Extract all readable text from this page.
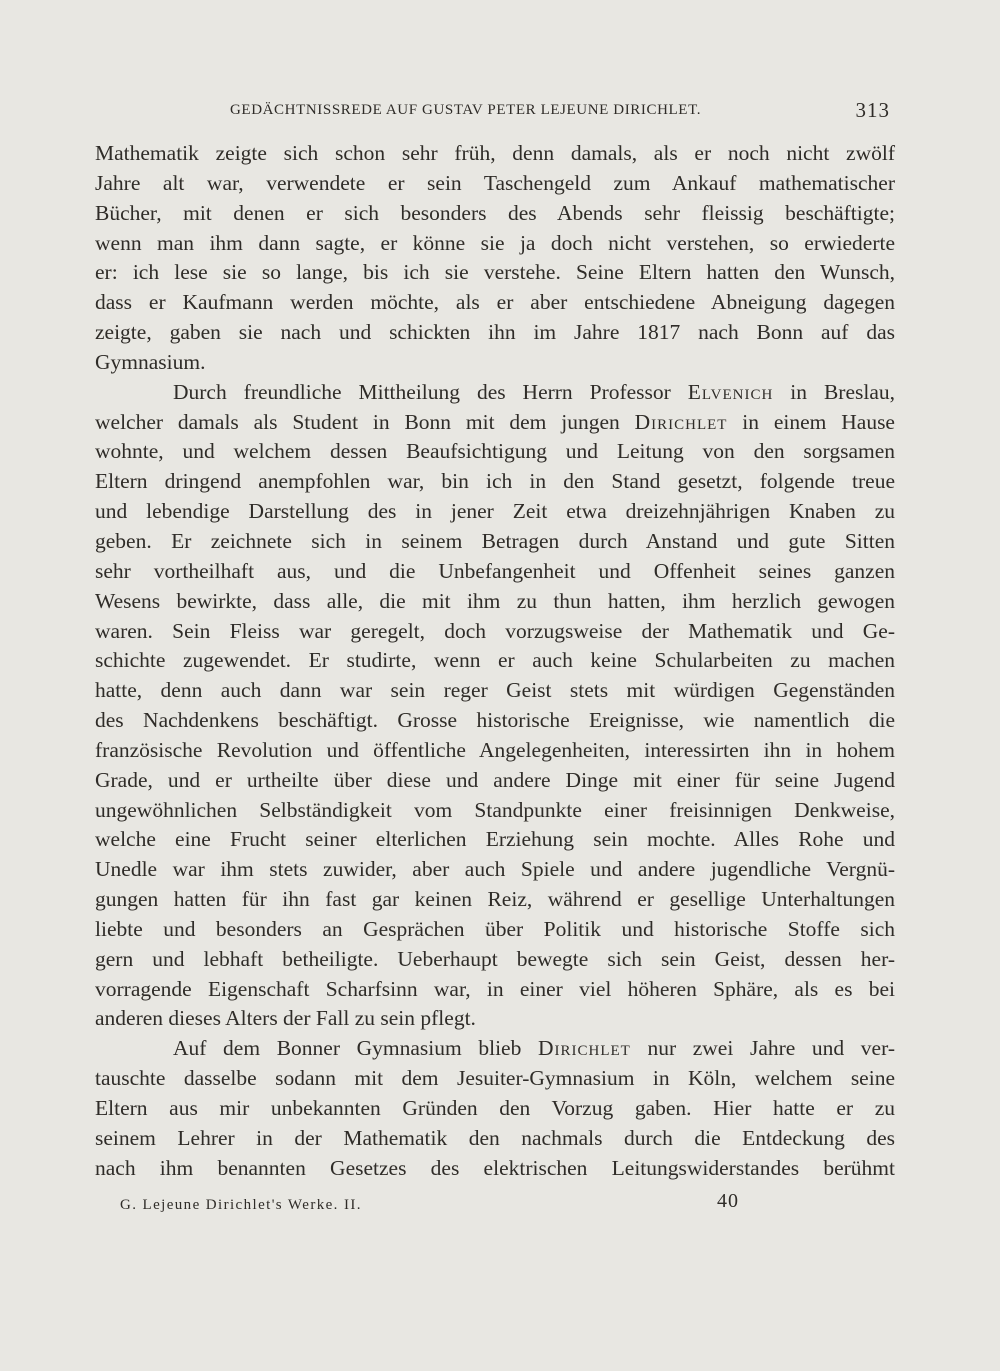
GEDÄCHTNISSREDE AUF GUSTAV PETER LEJEUNE DIRICHLET.	313
Mathematik zeigte sich schon sehr früh, denn damals, als er noch nicht zwölf
Jahre alt war, verwendete er sein Taschengeld zum Ankauf mathematischer
Bücher, mit denen er sich besonders des Abends sehr fleissig beschäftigte;
wenn man ihm dann sagte, er könne sie ja doch nicht verstehen, so erwiederte
er: ich lese sie so lange, bis ich sie verstehe. Seine Eltern hatten den Wunsch,
dass er Kaufmann werden möchte, als er aber entschiedene Abneigung dagegen
zeigte, gaben sie nach und schickten ihn im Jahre 1817 nach Bonn auf das
Gymnasium.
Durch freundliche Mittheilung des Herrn Professor Elvenich in Breslau,
welcher damals als Student in Bonn mit dem jungen Dirichlet in einem Hause
wohnte, und welchem dessen Beaufsichtigung und Leitung von den sorgsamen
Eltern dringend anempfohlen war, bin ich in den Stand gesetzt, folgende treue
und lebendige Darstellung des in jener Zeit etwa dreizehnjährigen Knaben zu
geben. Er zeichnete sich in seinem Betragen durch Anstand und gute Sitten
sehr vortheilhaft aus, und die Unbefangenheit und Offenheit seines ganzen
Wesens bewirkte, dass alle, die mit ihm zu thun hatten, ihm herzlich gewogen
waren. Sein Fleiss war geregelt, doch vorzugsweise der Mathematik und Ge-
schichte zugewendet. Er studirte, wenn er auch keine Schularbeiten zu machen
hatte, denn auch dann war sein reger Geist stets mit würdigen Gegenständen
des Nachdenkens beschäftigt. Grosse historische Ereignisse, wie namentlich die
französische Revolution und öffentliche Angelegenheiten, interessirten ihn in hohem
Grade, und er urtheilte über diese und andere Dinge mit einer für seine Jugend
ungewöhnlichen Selbständigkeit vom Standpunkte einer freisinnigen Denkweise,
welche eine Frucht seiner elterlichen Erziehung sein mochte. Alles Rohe und
Unedle war ihm stets zuwider, aber auch Spiele und andere jugendliche Vergnü-
gungen hatten für ihn fast gar keinen Reiz, während er gesellige Unterhaltungen
liebte und besonders an Gesprächen über Politik und historische Stoffe sich
gern und lebhaft betheiligte. Ueberhaupt bewegte sich sein Geist, dessen her-
vorragende Eigenschaft Scharfsinn war, in einer viel höheren Sphäre, als es bei
anderen dieses Alters der Fall zu sein pflegt.
Auf dem Bonner Gymnasium blieb Dirichlet nur zwei Jahre und ver-
tauschte dasselbe sodann mit dem Jesuiter-Gymnasium in Köln, welchem seine
Eltern aus mir unbekannten Gründen den Vorzug gaben. Hier hatte er zu
seinem Lehrer in der Mathematik den nachmals durch die Entdeckung des
nach ihm benannten Gesetzes des elektrischen Leitungswiderstandes berühmt
G. Lejeune Dirichlet's Werke. II.	40
